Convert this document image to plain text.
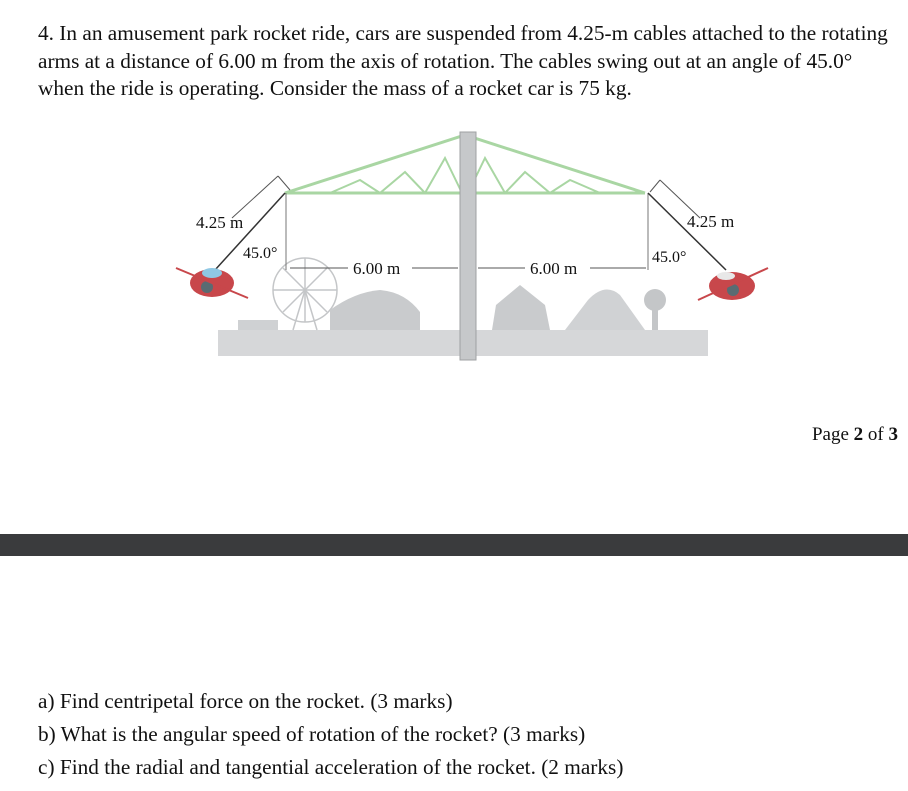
4. In an amusement park rocket ride, cars are suspended from 4.25-m cables attached to the rotating arms at a distance of 6.00 m from the axis of rotation. The cables swing out at an angle of 45.0° when the ride is operating. Consider the mass of a rocket car is 75 kg.
4.25 m
45.0°
6.00 m	6.00 m
45.0°
4.25 m
Page 2 of 3
a) Find centripetal force on the rocket. (3 marks)
b) What is the angular speed of rotation of the rocket? (3 marks)
c) Find the radial and tangential acceleration of the rocket. (2 marks)
